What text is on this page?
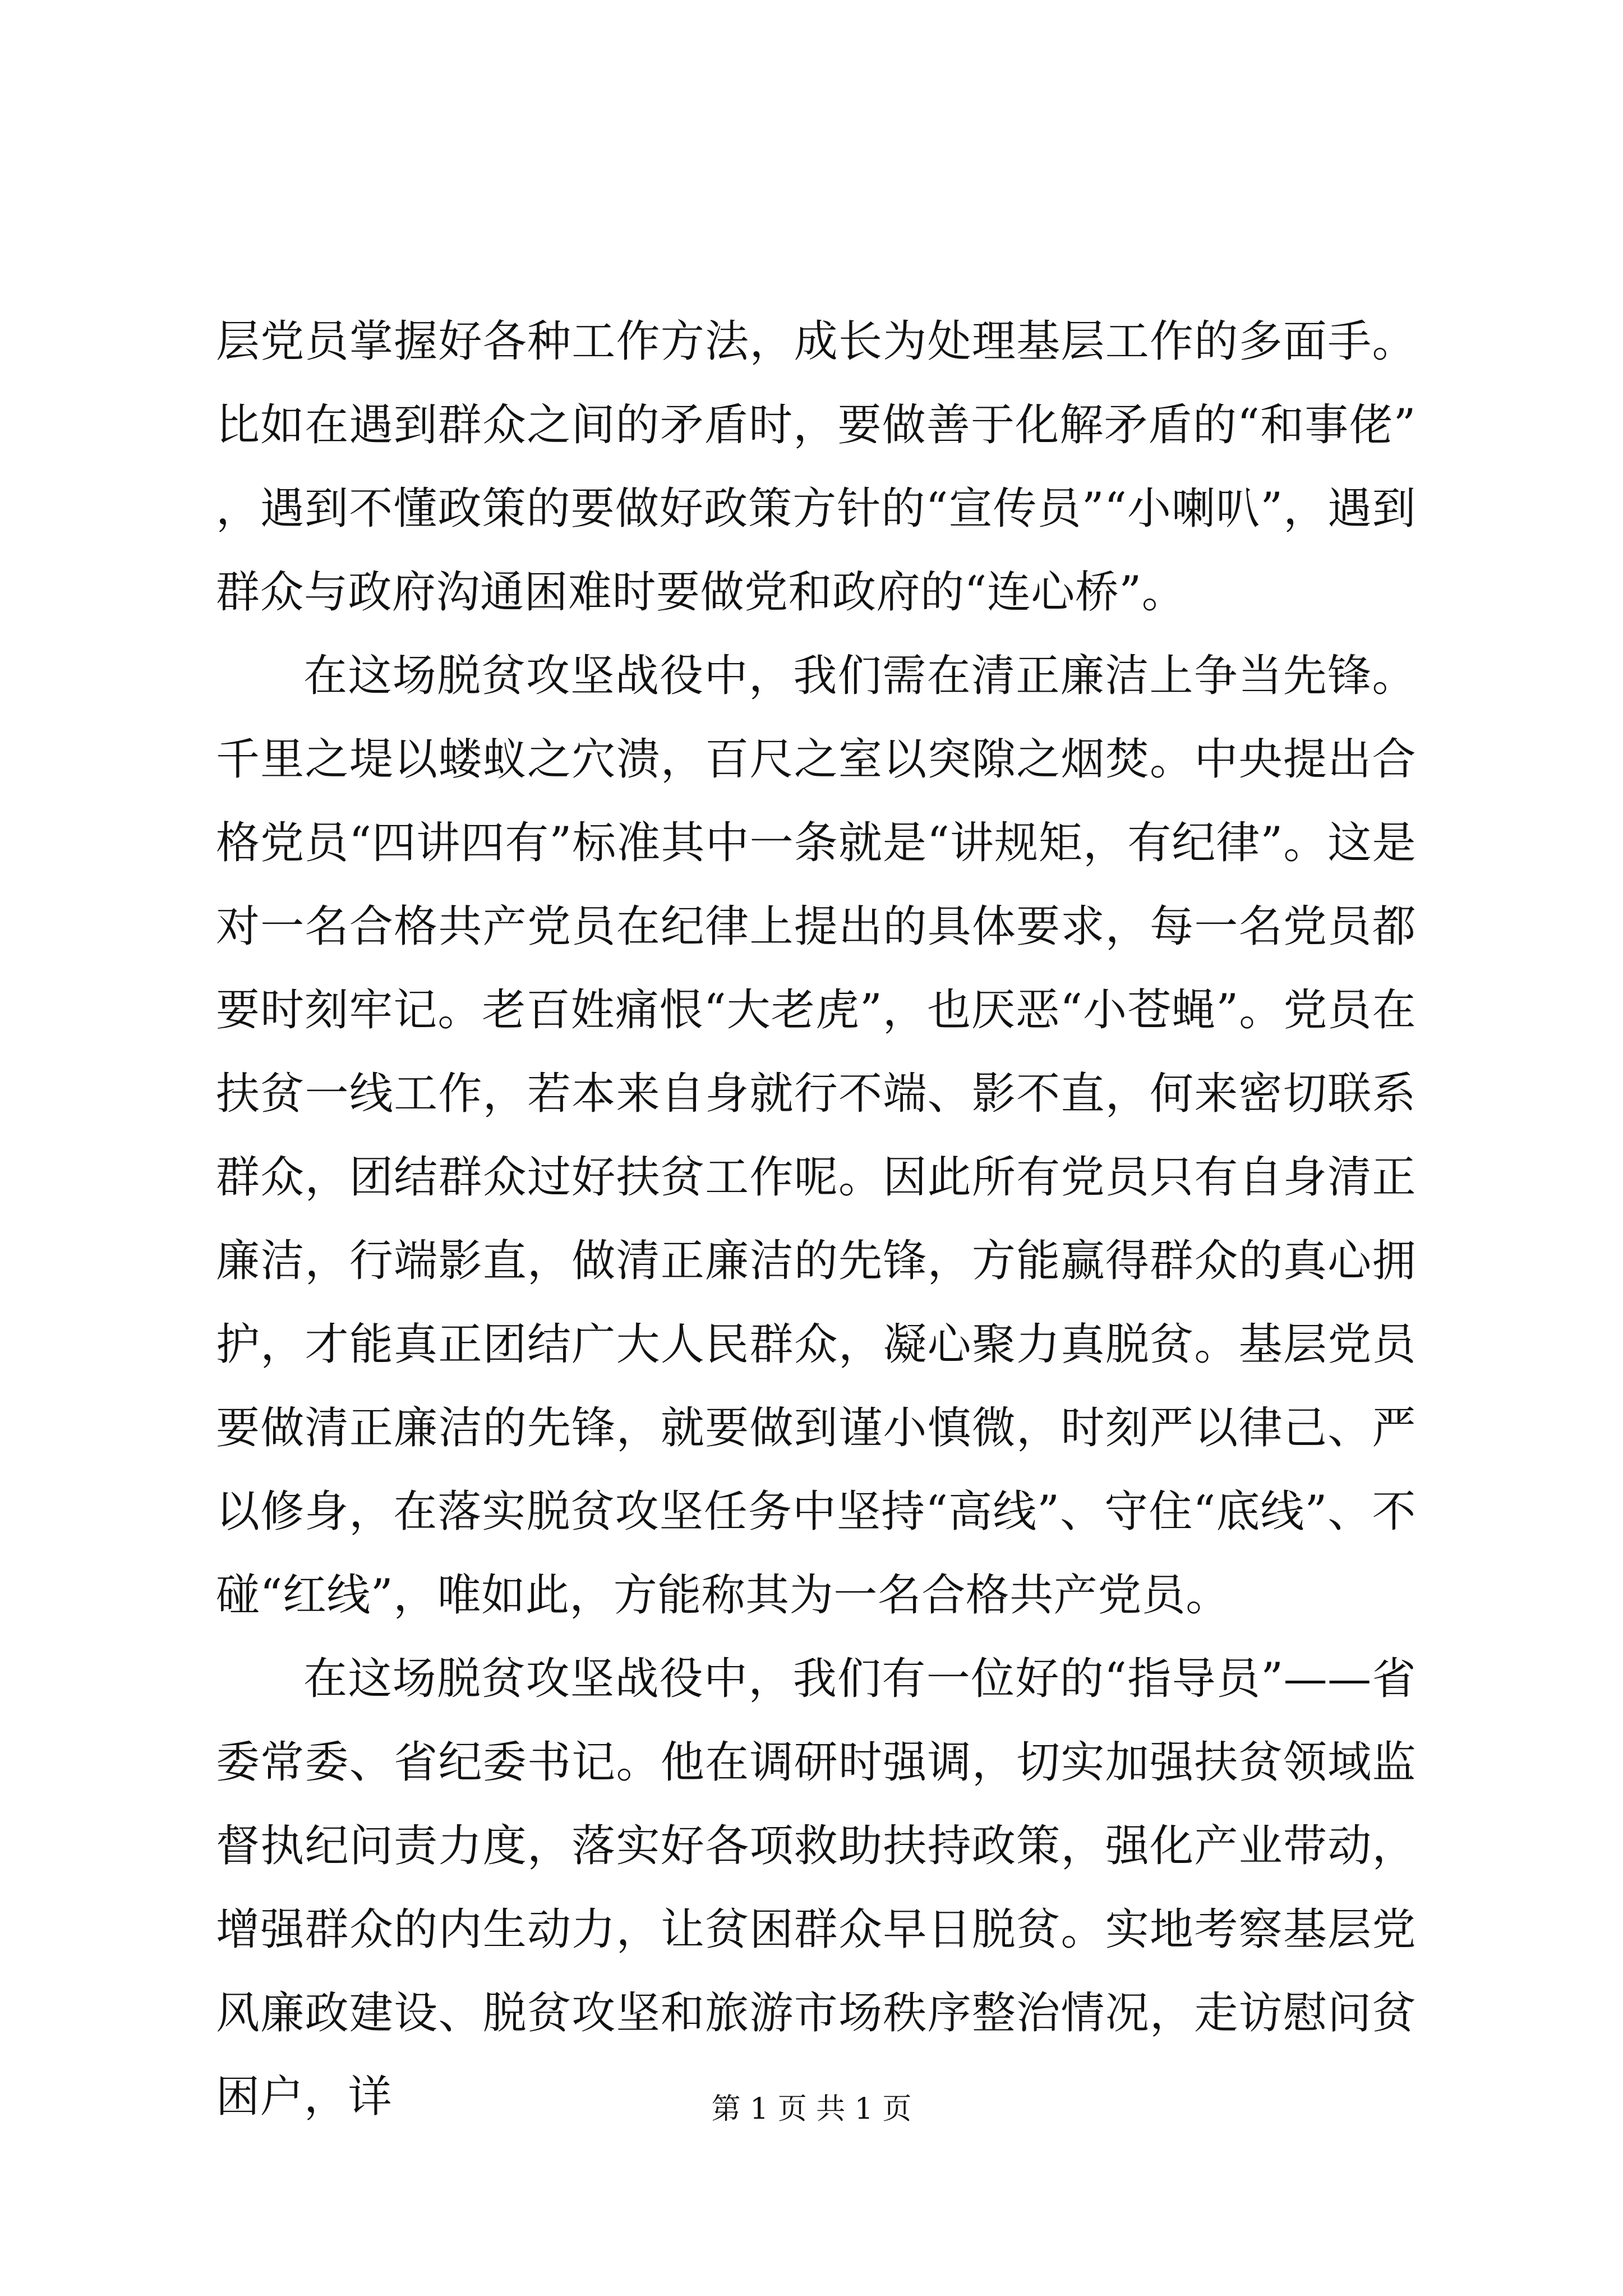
层党员掌握好各种工作方法，成长为处理基层工作的多面手。比如在遇到群众之间的矛盾时，要做善于化解矛盾的“和事佬”，遇到不懂政策的要做好政策方针的“宣传员”“小喇叭”，遇到群众与政府沟通困难时要做党和政府的“连心桥”。

在这场脱贫攻坚战役中，我们需在清正廉洁上争当先锋。千里之堤以蝼蚁之穴溃，百尺之室以突隙之烟焚。中央提出合格党员“四讲四有”标准其中一条就是“讲规矩，有纪律”。这是对一名合格共产党员在纪律上提出的具体要求，每一名党员都要时刻牢记。老百姓痛恨“大老虎”，也厌恶“小苍蝇”。党员在扶贫一线工作，若本来自身就行不端、影不直，何来密切联系群众，团结群众过好扶贫工作呢。因此所有党员只有自身清正廉洁，行端影直，做清正廉洁的先锋，方能赢得群众的真心拥护，才能真正团结广大人民群众，凝心聚力真脱贫。基层党员要做清正廉洁的先锋，就要做到谨小慎微，时刻严以律己、严以修身，在落实脱贫攻坚任务中坚持“高线”、守住“底线”、不碰“红线”，唯如此，方能称其为一名合格共产党员。

在这场脱贫攻坚战役中，我们有一位好的“指导员”——省委常委、省纪委书记。他在调研时强调，切实加强扶贫领域监督执纪问责力度，落实好各项救助扶持政策，强化产业带动，增强群众的内生动力，让贫困群众早日脱贫。实地考察基层党风廉政建设、脱贫攻坚和旅游市场秩序整治情况，走访慰问贫困户，详	第 1 页 共 1 页
